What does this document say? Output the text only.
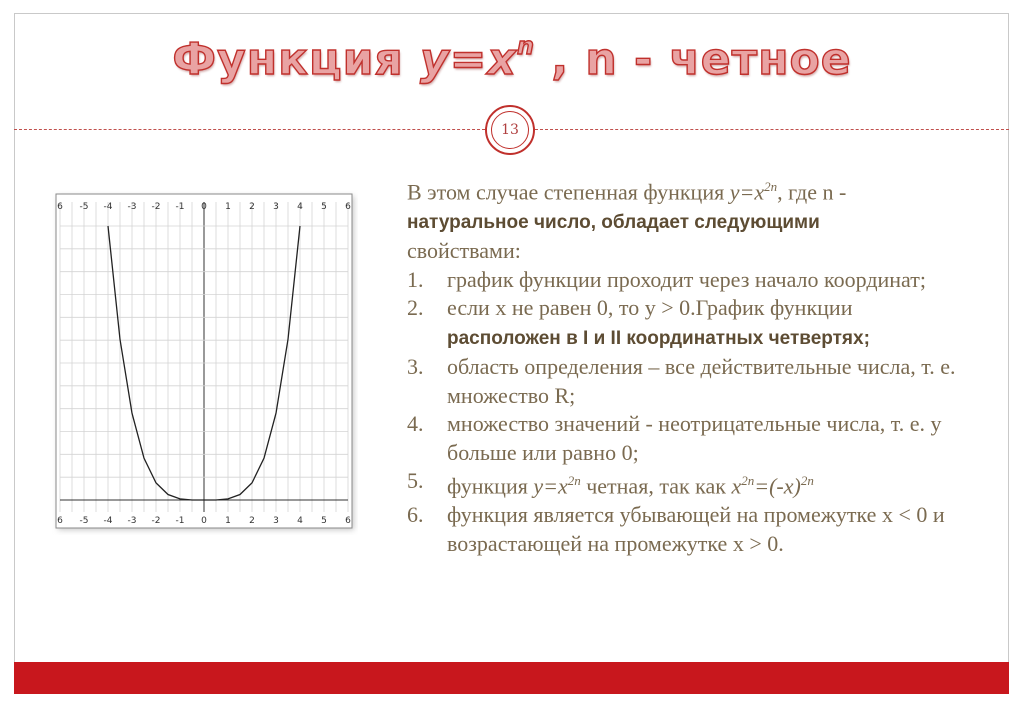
Функция $y=x^n$ , n - четное
13
6 -5 -4 -3 -2 -1 0 1 2 3 4 5 6
6 -5 -4 -3 -2 -1 0 1 2 3 4 5 6

В этом случае степенная функция $y=x^{2n}$, где n -

натуральное число, обладает следующими

свойствами:

1. график функции проходит через начало координат;
2. если x не равен 0, то y > 0.График функции
расположен в I и II координатных четвертях;
3. область определения – все действительные числа, т. е. множество R;
4. множество значений - неотрицательные числа, т. е. y больше или равно 0;
5. функция $y=x^{2n}$ четная, так как $x^{2n}=(-x)^{2n}$
6. функция является убывающей на промежутке x < 0 и возрастающей на промежутке x > 0.
